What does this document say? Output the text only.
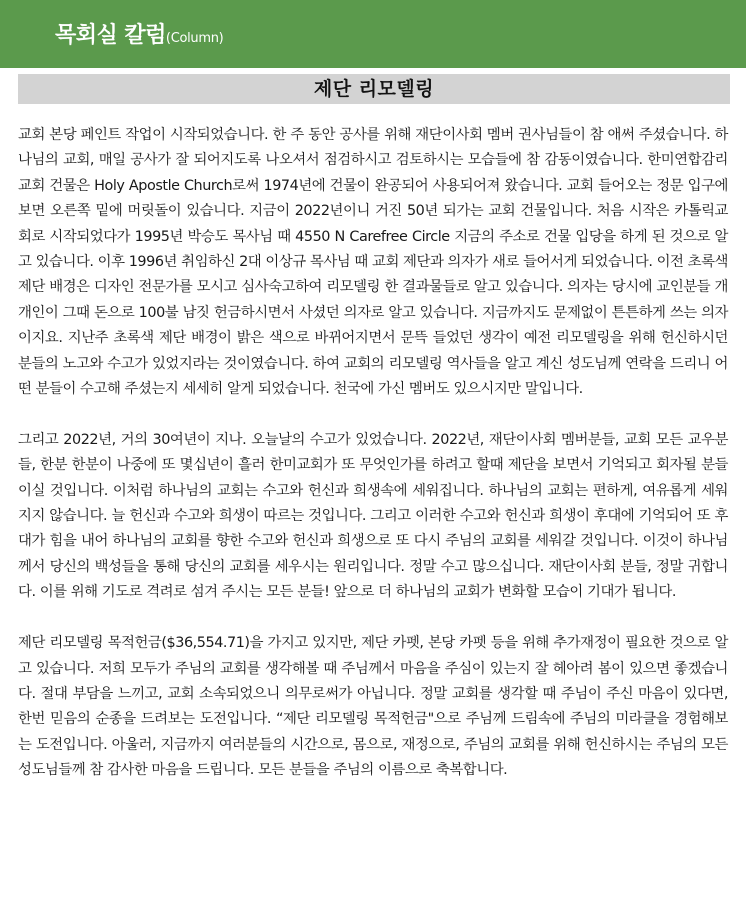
목회실 칼럼(Column)
제단 리모델링

교회 본당 페인트 작업이 시작되었습니다. 한 주 동안 공사를 위해 재단이사회 멤버 권사님들이 참 애써 주셨습니다. 하나님의 교회, 매일 공사가 잘 되어지도록 나오셔서 점검하시고 검토하시는 모습들에 참 감동이였습니다. 한미연합감리교회 건물은 Holy Apostle Church로써 1974년에 건물이 완공되어 사용되어져 왔습니다. 교회 들어오는 정문 입구에 보면 오른쪽 밑에 머릿돌이 있습니다. 지금이 2022년이니 거진 50년 되가는 교회 건물입니다. 처음 시작은 카톨릭교회로 시작되었다가 1995년 박승도 목사님 때 4550 N Carefree Circle 지금의 주소로 건물 입당을 하게 된 것으로 알고 있습니다. 이후 1996년 취임하신 2대 이상규 목사님 때 교회 제단과 의자가 새로 들어서게 되었습니다. 이전 초록색 제단 배경은 디자인 전문가를 모시고 심사숙고하여 리모델링 한 결과물들로 알고 있습니다. 의자는 당시에 교인분들 개개인이 그때 돈으로 100불 남짓 헌금하시면서 사셨던 의자로 알고 있습니다. 지금까지도 문제없이 튼튼하게 쓰는 의자이지요. 지난주 초록색 제단 배경이 밝은 색으로 바뀌어지면서 문뜩 들었던 생각이 예전 리모델링을 위해 헌신하시던 분들의 노고와 수고가 있었지라는 것이였습니다. 하여 교회의 리모델링 역사들을 알고 계신 성도님께 연락을 드리니 어떤 분들이 수고해 주셨는지 세세히 알게 되었습니다. 천국에 가신 멤버도 있으시지만 말입니다.

그리고 2022년, 거의 30여년이 지나. 오늘날의 수고가 있었습니다. 2022년, 재단이사회 멤버분들, 교회 모든 교우분들, 한분 한분이 나중에 또 몇십년이 흘러 한미교회가 또 무엇인가를 하려고 할때 제단을 보면서 기억되고 회자될 분들이실 것입니다. 이처럼 하나님의 교회는 수고와 헌신과 희생속에 세워집니다. 하나님의 교회는 편하게, 여유롭게 세워지지 않습니다. 늘 헌신과 수고와 희생이 따르는 것입니다. 그리고 이러한 수고와 헌신과 희생이 후대에 기억되어 또 후대가 힘을 내어 하나님의 교회를 향한 수고와 헌신과 희생으로 또 다시 주님의 교회를 세워갈 것입니다. 이것이 하나님께서 당신의 백성들을 통해 당신의 교회를 세우시는 원리입니다. 정말 수고 많으십니다. 재단이사회 분들, 정말 귀합니다. 이를 위해 기도로 격려로 섬겨 주시는 모든 분들! 앞으로 더 하나님의 교회가 변화할 모습이 기대가 됩니다.

제단 리모델링 목적헌금($36,554.71)을 가지고 있지만, 제단 카펫, 본당 카펫 등을 위해 추가재정이 필요한 것으로 알고 있습니다. 저희 모두가 주님의 교회를 생각해볼 때 주님께서 마음을 주심이 있는지 잘 헤아려 봄이 있으면 좋겠습니다. 절대 부담을 느끼고, 교회 소속되었으니 의무로써가 아닙니다. 정말 교회를 생각할 때 주님이 주신 마음이 있다면, 한번 믿음의 순종을 드려보는 도전입니다. “제단 리모델링 목적헌금"으로 주님께 드림속에 주님의 미라클을 경험해보는 도전입니다. 아울러, 지금까지 여러분들의 시간으로, 몸으로, 재정으로, 주님의 교회를 위해 헌신하시는 주님의 모든 성도님들께 참 감사한 마음을 드립니다. 모든 분들을 주님의 이름으로 축복합니다.
